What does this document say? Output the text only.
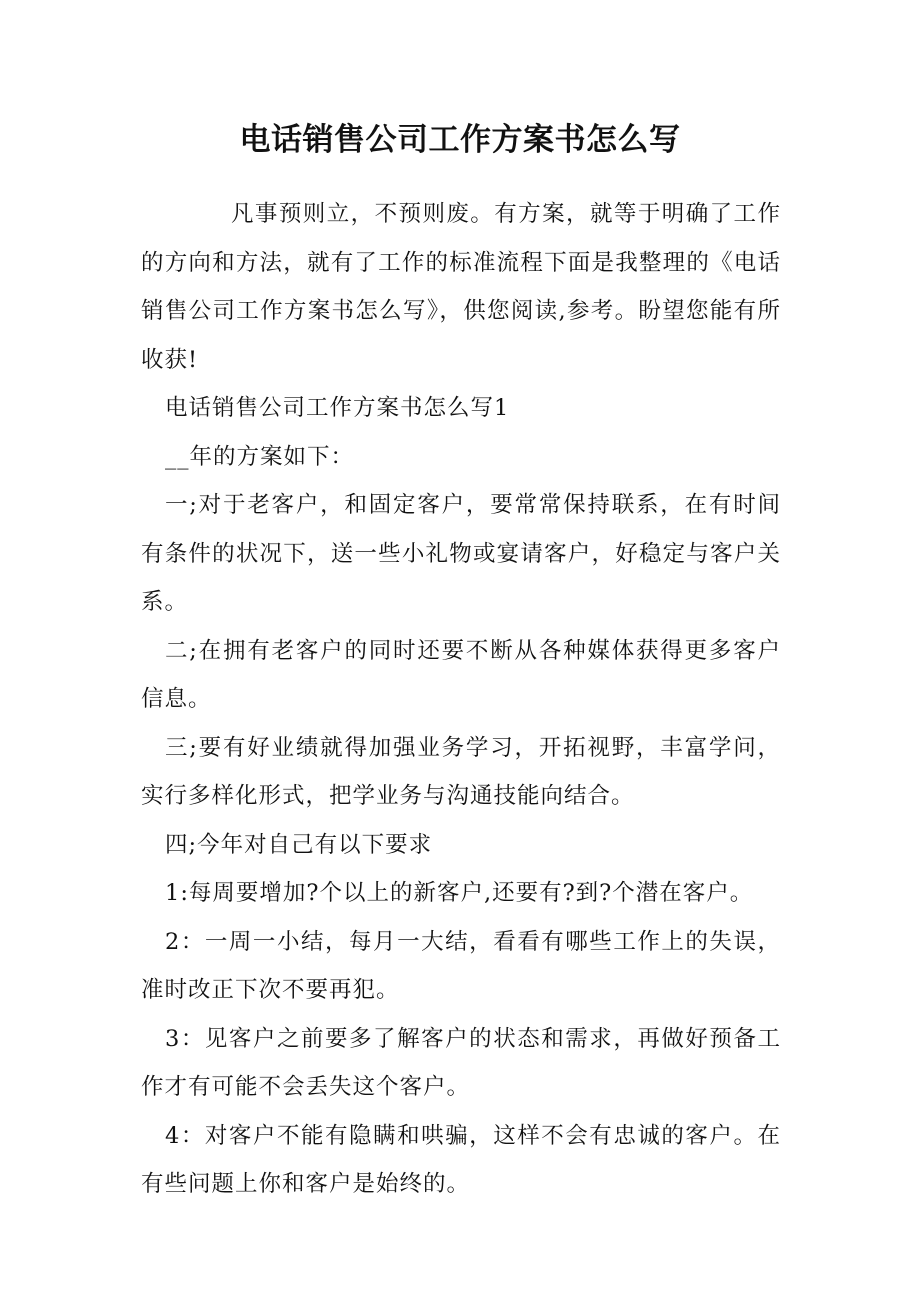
电话销售公司工作方案书怎么写

凡事预则立，不预则废。有方案，就等于明确了工作的方向和方法，就有了工作的标准流程下面是我整理的《电话销售公司工作方案书怎么写》，供您阅读,参考。盼望您能有所收获!

电话销售公司工作方案书怎么写1

__年的方案如下：

一;对于老客户，和固定客户，要常常保持联系，在有时间有条件的状况下，送一些小礼物或宴请客户，好稳定与客户关系。

二;在拥有老客户的同时还要不断从各种媒体获得更多客户信息。

三;要有好业绩就得加强业务学习，开拓视野，丰富学问，实行多样化形式，把学业务与沟通技能向结合。

四;今年对自己有以下要求

1:每周要增加?个以上的新客户,还要有?到?个潜在客户。

2：一周一小结，每月一大结，看看有哪些工作上的失误，准时改正下次不要再犯。

3：见客户之前要多了解客户的状态和需求，再做好预备工作才有可能不会丢失这个客户。

4：对客户不能有隐瞒和哄骗，这样不会有忠诚的客户。在有些问题上你和客户是始终的。
